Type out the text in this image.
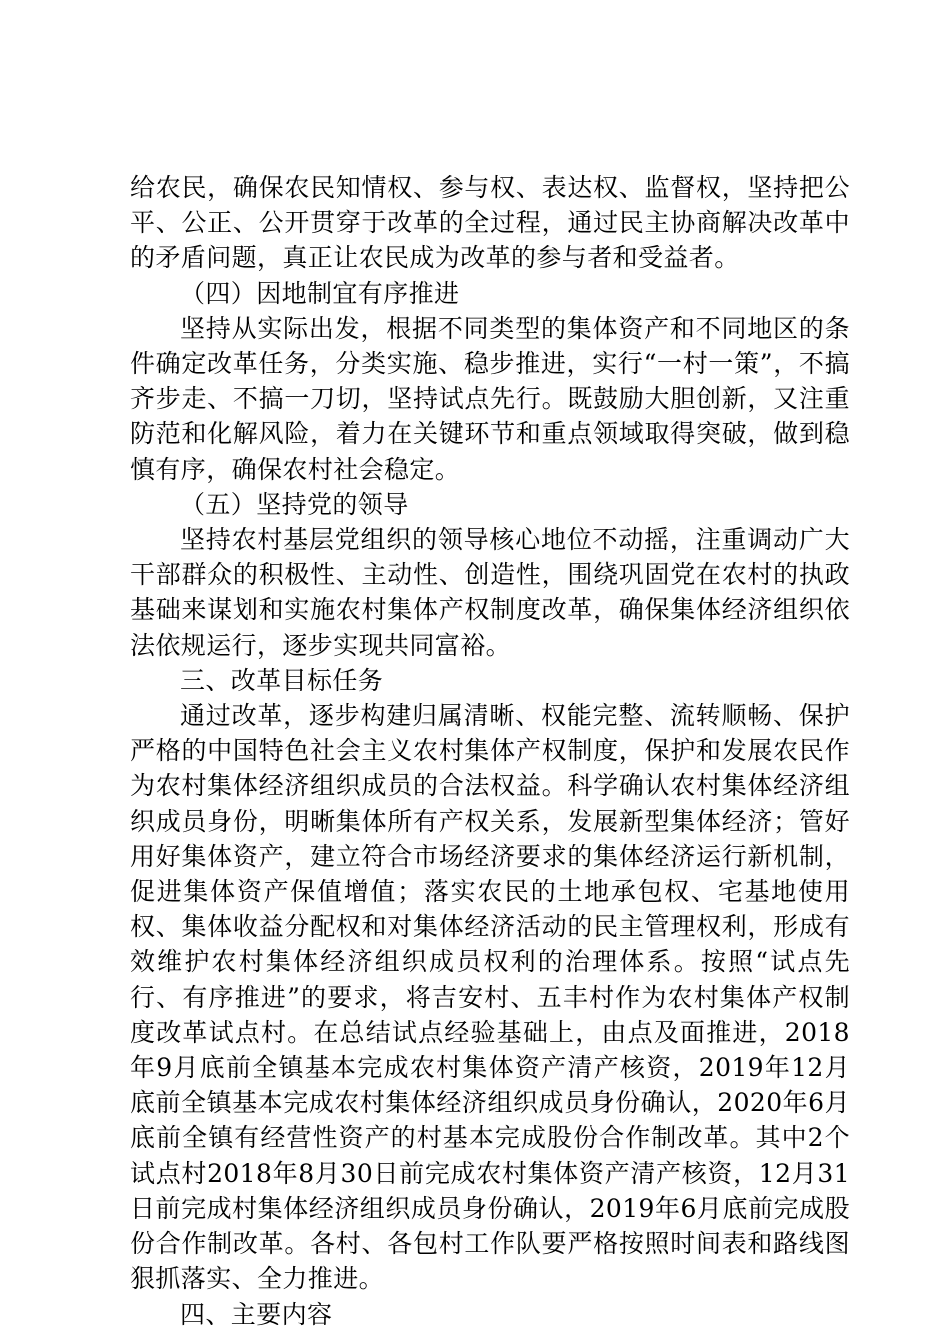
给农民，确保农民知情权、参与权、表达权、监督权，坚持把公平、公正、公开贯穿于改革的全过程，通过民主协商解决改革中的矛盾问题，真正让农民成为改革的参与者和受益者。

（四）因地制宜有序推进

坚持从实际出发，根据不同类型的集体资产和不同地区的条件确定改革任务，分类实施、稳步推进，实行“一村一策”，不搞齐步走、不搞一刀切，坚持试点先行。既鼓励大胆创新，又注重防范和化解风险，着力在关键环节和重点领域取得突破，做到稳慎有序，确保农村社会稳定。

（五）坚持党的领导

坚持农村基层党组织的领导核心地位不动摇，注重调动广大干部群众的积极性、主动性、创造性，围绕巩固党在农村的执政基础来谋划和实施农村集体产权制度改革，确保集体经济组织依法依规运行，逐步实现共同富裕。

三、改革目标任务

通过改革，逐步构建归属清晰、权能完整、流转顺畅、保护严格的中国特色社会主义农村集体产权制度，保护和发展农民作为农村集体经济组织成员的合法权益。科学确认农村集体经济组织成员身份，明晰集体所有产权关系，发展新型集体经济；管好用好集体资产，建立符合市场经济要求的集体经济运行新机制，促进集体资产保值增值；落实农民的土地承包权、宅基地使用权、集体收益分配权和对集体经济活动的民主管理权利，形成有效维护农村集体经济组织成员权利的治理体系。按照“试点先行、有序推进”的要求，将吉安村、五丰村作为农村集体产权制度改革试点村。在总结试点经验基础上，由点及面推进，2018年9月底前全镇基本完成农村集体资产清产核资，2019年12月底前全镇基本完成农村集体经济组织成员身份确认，2020年6月底前全镇有经营性资产的村基本完成股份合作制改革。其中2个试点村2018年8月30日前完成农村集体资产清产核资，12月31日前完成村集体经济组织成员身份确认，2019年6月底前完成股份合作制改革。各村、各包村工作队要严格按照时间表和路线图狠抓落实、全力推进。

四、主要内容
